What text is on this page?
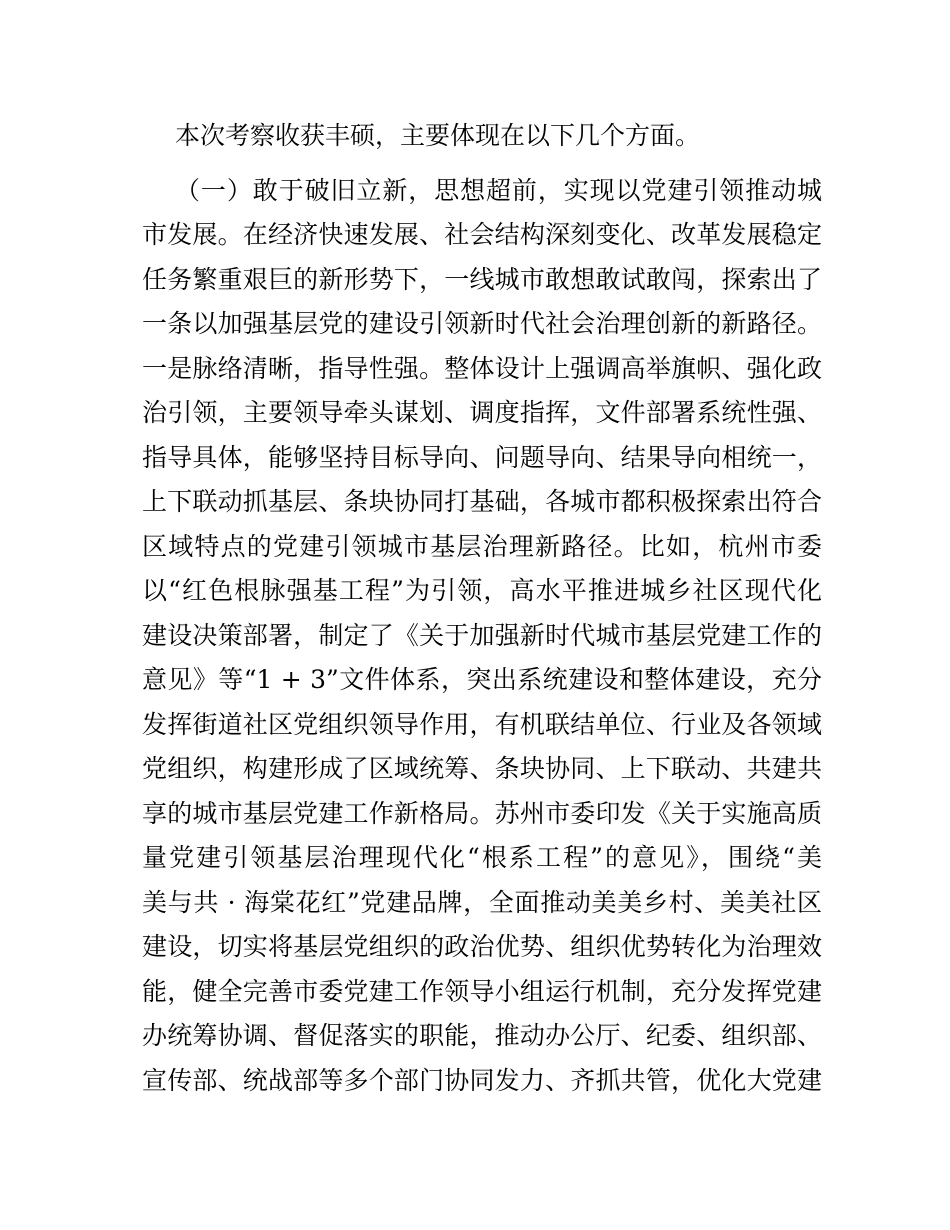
本次考察收获丰硕，主要体现在以下几个方面。
（一）敢于破旧立新，思想超前，实现以党建引领推动城
市发展。在经济快速发展、社会结构深刻变化、改革发展稳定
任务繁重艰巨的新形势下，一线城市敢想敢试敢闯，探索出了
一条以加强基层党的建设引领新时代社会治理创新的新路径。
一是脉络清晰，指导性强。整体设计上强调高举旗帜、强化政
治引领，主要领导牵头谋划、调度指挥，文件部署系统性强、
指导具体，能够坚持目标导向、问题导向、结果导向相统一，
上下联动抓基层、条块协同打基础，各城市都积极探索出符合
区域特点的党建引领城市基层治理新路径。比如，杭州市委
以“红色根脉强基工程”为引领，高水平推进城乡社区现代化
建设决策部署，制定了《关于加强新时代城市基层党建工作的
意见》等“1 + 3”文件体系，突出系统建设和整体建设，充分
发挥街道社区党组织领导作用，有机联结单位、行业及各领域
党组织，构建形成了区域统筹、条块协同、上下联动、共建共
享的城市基层党建工作新格局。苏州市委印发《关于实施高质
量党建引领基层治理现代化“根系工程”的意见》，围绕“美
美与共 · 海棠花红”党建品牌，全面推动美美乡村、美美社区
建设，切实将基层党组织的政治优势、组织优势转化为治理效
能，健全完善市委党建工作领导小组运行机制，充分发挥党建
办统筹协调、督促落实的职能，推动办公厅、纪委、组织部、
宣传部、统战部等多个部门协同发力、齐抓共管，优化大党建
